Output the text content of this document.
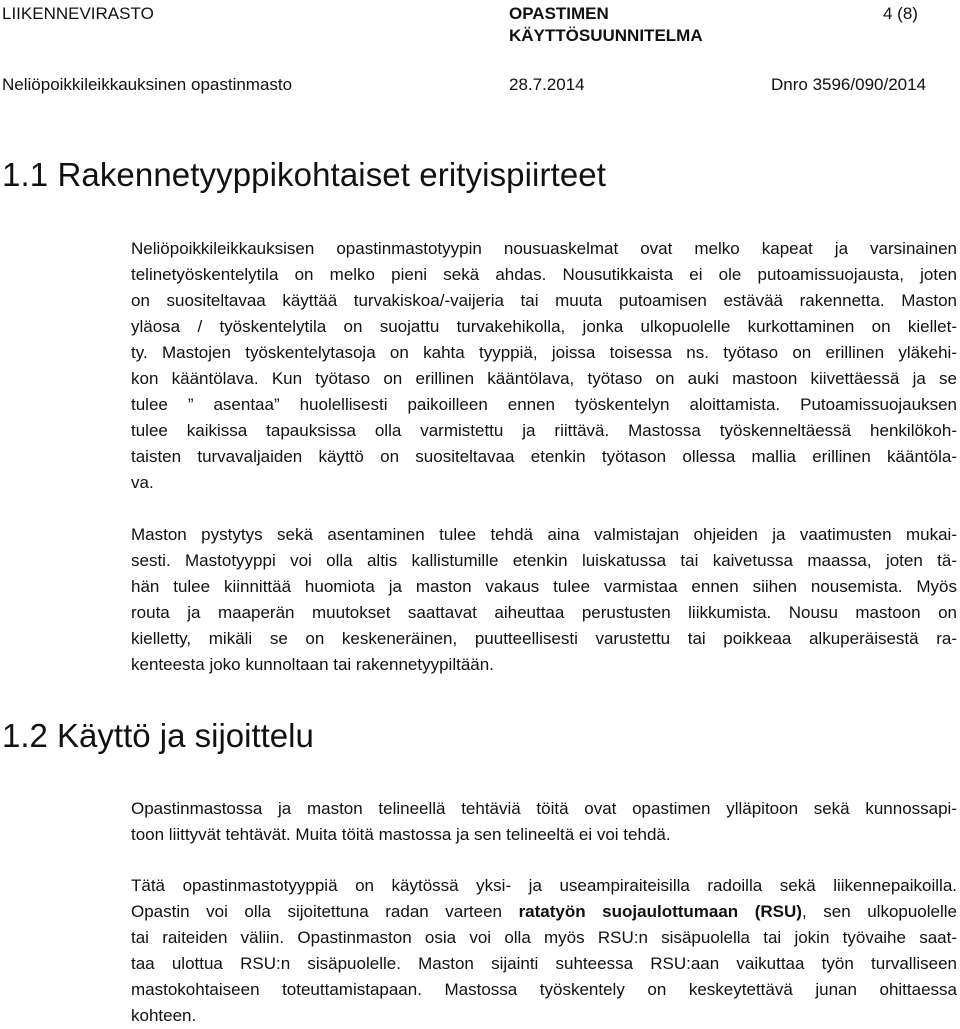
LIIKENNEVIRASTO	OPASTIMEN
KÄYTTÖSUUNNITELMA
4 (8)
Neliöpoikkileikkauksinen opastinmasto	28.7.2014	Dnro 3596/090/2014
1.1 Rakennetyyppikohtaiset erityispiirteet
Neliöpoikkileikkauksisen opastinmastotyypin nousuaskelmat ovat melko kapeat ja varsinainen
telinetyöskentelytila on melko pieni sekä ahdas. Nousutikkaista ei ole putoamissuojausta, joten
on suositeltavaa käyttää turvakiskoa/-vaijeria tai muuta putoamisen estävää rakennetta. Maston
yläosa / työskentelytila on suojattu turvakehikolla, jonka ulkopuolelle kurkottaminen on kiellet-
ty. Mastojen työskentelytasoja on kahta tyyppiä, joissa toisessa ns. työtaso on erillinen yläkehi-
kon kääntölava. Kun työtaso on erillinen kääntölava, työtaso on auki mastoon kiivettäessä ja se
tulee ” asentaa” huolellisesti paikoilleen ennen työskentelyn aloittamista. Putoamissuojauksen
tulee kaikissa tapauksissa olla varmistettu ja riittävä. Mastossa työskenneltäessä henkilökoh-
taisten turvavaljaiden käyttö on suositeltavaa etenkin työtason ollessa mallia erillinen kääntöla-
va.
Maston pystytys sekä asentaminen tulee tehdä aina valmistajan ohjeiden ja vaatimusten mukai-
sesti. Mastotyyppi voi olla altis kallistumille etenkin luiskatussa tai kaivetussa maassa, joten tä-
hän tulee kiinnittää huomiota ja maston vakaus tulee varmistaa ennen siihen nousemista. Myös
routa ja maaperän muutokset saattavat aiheuttaa perustusten liikkumista. Nousu mastoon on
kielletty, mikäli se on keskeneräinen, puutteellisesti varustettu tai poikkeaa alkuperäisestä ra-
kenteesta joko kunnoltaan tai rakennetyypiltään.
1.2 Käyttö ja sijoittelu
Opastinmastossa ja maston telineellä tehtäviä töitä ovat opastimen ylläpitoon sekä kunnossapi-
toon liittyvät tehtävät. Muita töitä mastossa ja sen telineeltä ei voi tehdä.
Tätä opastinmastotyyppiä on käytössä yksi- ja useampiraiteisilla radoilla sekä liikennepaikoilla.
Opastin voi olla sijoitettuna radan varteen ratatyön suojaulottumaan (RSU), sen ulkopuolelle
tai raiteiden väliin. Opastinmaston osia voi olla myös RSU:n sisäpuolella tai jokin työvaihe saat-
taa ulottua RSU:n sisäpuolelle. Maston sijainti suhteessa RSU:aan vaikuttaa työn turvalliseen
mastokohtaiseen toteuttamistapaan. Mastossa työskentely on keskeytettävä junan ohittaessa
kohteen.
